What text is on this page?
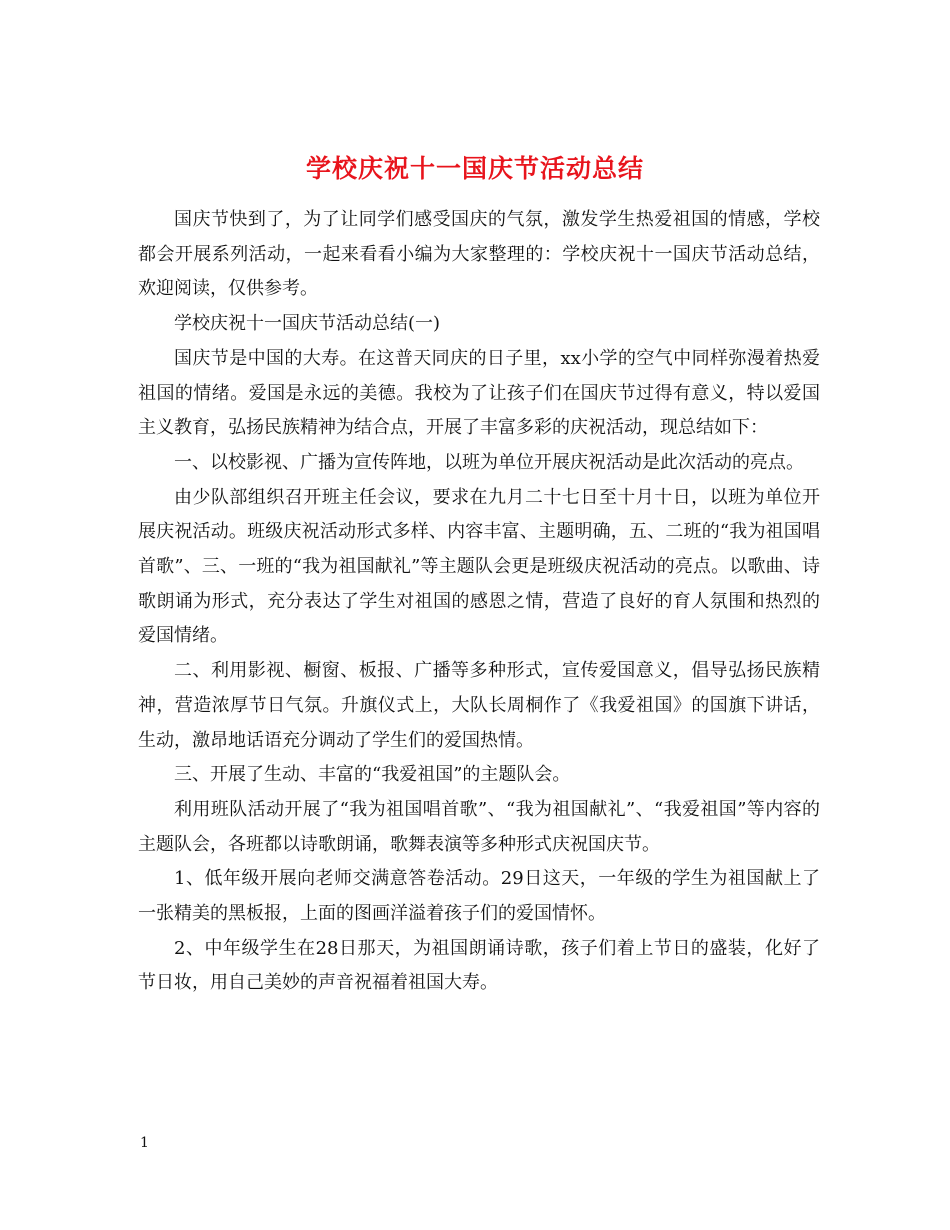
学校庆祝十一国庆节活动总结

国庆节快到了，为了让同学们感受国庆的气氛，激发学生热爱祖国的情感，学校都会开展系列活动，一起来看看小编为大家整理的：学校庆祝十一国庆节活动总结，欢迎阅读，仅供参考。

学校庆祝十一国庆节活动总结(一)

国庆节是中国的大寿。在这普天同庆的日子里，xx小学的空气中同样弥漫着热爱祖国的情绪。爱国是永远的美德。我校为了让孩子们在国庆节过得有意义，特以爱国主义教育，弘扬民族精神为结合点，开展了丰富多彩的庆祝活动，现总结如下：

一、以校影视、广播为宣传阵地，以班为单位开展庆祝活动是此次活动的亮点。

由少队部组织召开班主任会议，要求在九月二十七日至十月十日，以班为单位开展庆祝活动。班级庆祝活动形式多样、内容丰富、主题明确，五、二班的“我为祖国唱首歌”、三、一班的“我为祖国献礼”等主题队会更是班级庆祝活动的亮点。以歌曲、诗歌朗诵为形式，充分表达了学生对祖国的感恩之情，营造了良好的育人氛围和热烈的爱国情绪。

二、利用影视、橱窗、板报、广播等多种形式，宣传爱国意义，倡导弘扬民族精神，营造浓厚节日气氛。升旗仪式上，大队长周桐作了《我爱祖国》的国旗下讲话，生动，激昂地话语充分调动了学生们的爱国热情。

三、开展了生动、丰富的“我爱祖国”的主题队会。

利用班队活动开展了“我为祖国唱首歌”、“我为祖国献礼”、“我爱祖国”等内容的主题队会，各班都以诗歌朗诵，歌舞表演等多种形式庆祝国庆节。

1、低年级开展向老师交满意答卷活动。29日这天，一年级的学生为祖国献上了一张精美的黑板报，上面的图画洋溢着孩子们的爱国情怀。

2、中年级学生在28日那天，为祖国朗诵诗歌，孩子们着上节日的盛装，化好了节日妆，用自己美妙的声音祝福着祖国大寿。

1
